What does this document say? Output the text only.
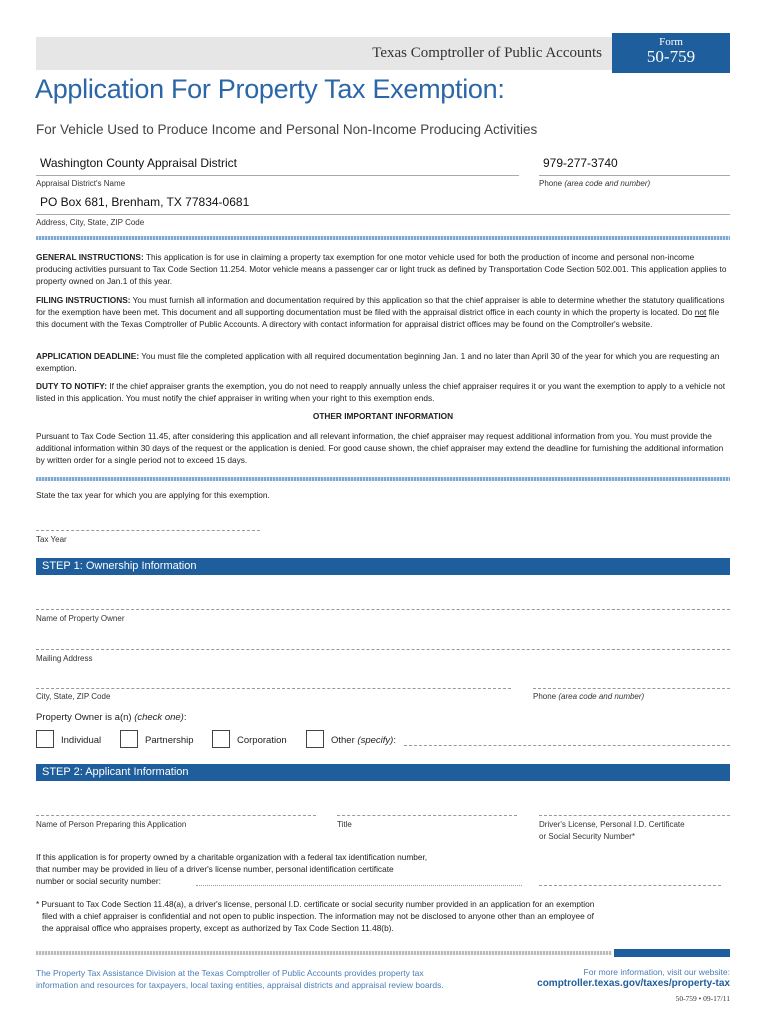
Texas Comptroller of Public Accounts
Form
50-759
Application For Property Tax Exemption:
For Vehicle Used to Produce Income and Personal Non-Income Producing Activities
Washington County Appraisal District
Appraisal District's Name
979-277-3740
Phone (area code and number)
PO Box 681, Brenham, TX 77834-0681
Address, City, State, ZIP Code
GENERAL INSTRUCTIONS: This application is for use in claiming a property tax exemption for one motor vehicle used for both the production of income and personal non-income producing activities pursuant to Tax Code Section 11.254. Motor vehicle means a passenger car or light truck as defined by Transportation Code Section 502.001. This application applies to property owned on Jan.1 of this year.
FILING INSTRUCTIONS: You must furnish all information and documentation required by this application so that the chief appraiser is able to determine whether the statutory qualifications for the exemption have been met. This document and all supporting documentation must be filed with the appraisal district office in each county in which the property is located. Do not file this document with the Texas Comptroller of Public Accounts. A directory with contact information for appraisal district offices may be found on the Comptroller's website.
APPLICATION DEADLINE: You must file the completed application with all required documentation beginning Jan. 1 and no later than April 30 of the year for which you are requesting an exemption.
DUTY TO NOTIFY: If the chief appraiser grants the exemption, you do not need to reapply annually unless the chief appraiser requires it or you want the exemption to apply to a vehicle not listed in this application. You must notify the chief appraiser in writing when your right to this exemption ends.
OTHER IMPORTANT INFORMATION
Pursuant to Tax Code Section 11.45, after considering this application and all relevant information, the chief appraiser may request additional information from you. You must provide the additional information within 30 days of the request or the application is denied. For good cause shown, the chief appraiser may extend the deadline for furnishing the additional information by written order for a single period not to exceed 15 days.
State the tax year for which you are applying for this exemption.
Tax Year
STEP 1: Ownership Information
Name of Property Owner
Mailing Address
City, State, ZIP Code	Phone (area code and number)
Property Owner is a(n) (check one):
Individual	Partnership	Corporation	Other (specify):
STEP 2: Applicant Information
Name of Person Preparing this Application	Title	Driver's License, Personal I.D. Certificate
or Social Security Number*
If this application is for property owned by a charitable organization with a federal tax identification number,
that number may be provided in lieu of a driver's license number, personal identification certificate
number or social security number:
* Pursuant to Tax Code Section 11.48(a), a driver's license, personal I.D. certificate or social security number provided in an application for an exemption
filed with a chief appraiser is confidential and not open to public inspection. The information may not be disclosed to anyone other than an employee of
the appraisal office who appraises property, except as authorized by Tax Code Section 11.48(b).
The Property Tax Assistance Division at the Texas Comptroller of Public Accounts provides property tax
information and resources for taxpayers, local taxing entities, appraisal districts and appraisal review boards.
For more information, visit our website:
comptroller.texas.gov/taxes/property-tax
50-759 • 09-17/11
